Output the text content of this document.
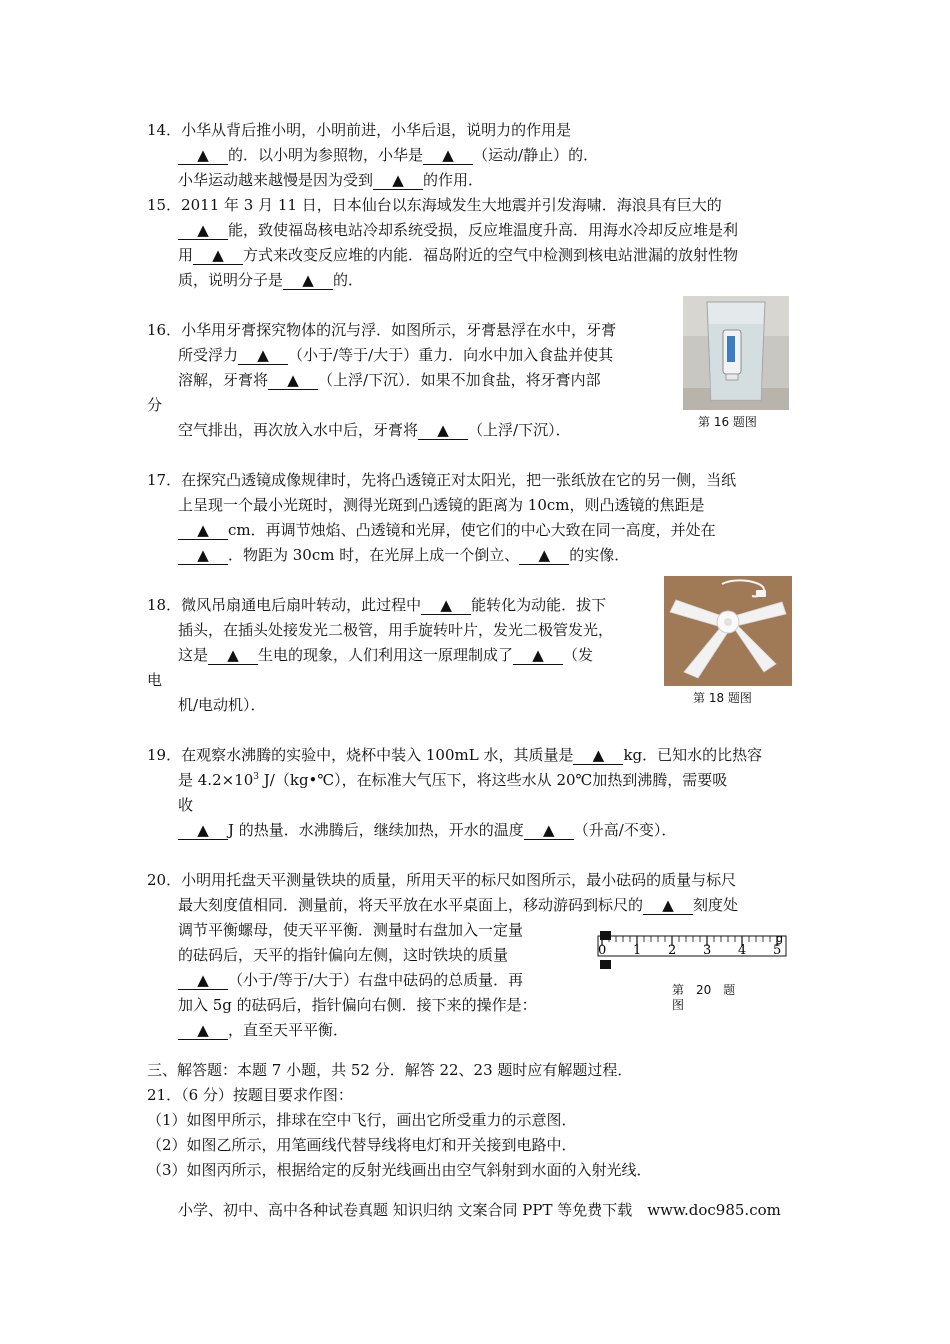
14．小华从背后推小明，小明前进，小华后退，说明力的作用是
▲ 的．以小明为参照物，小华是 ▲ （运动/静止）的．
小华运动越来越慢是因为受到 ▲ 的作用．
15．2011 年 3 月 11 日，日本仙台以东海域发生大地震并引发海啸．海浪具有巨大的
▲ 能，致使福岛核电站冷却系统受损，反应堆温度升高．用海水冷却反应堆是利
用 ▲ 方式来改变反应堆的内能．福岛附近的空气中检测到核电站泄漏的放射性物
质，说明分子是 ▲ 的．
16．小华用牙膏探究物体的沉与浮．如图所示，牙膏悬浮在水中，牙膏
所受浮力 ▲ （小于/等于/大于）重力．向水中加入食盐并使其
溶解，牙膏将 ▲ （上浮/下沉）．如果不加食盐，将牙膏内部
分
空气排出，再次放入水中后，牙膏将 ▲ （上浮/下沉）．	第 16 题图
17．在探究凸透镜成像规律时，先将凸透镜正对太阳光，把一张纸放在它的另一侧，当纸
上呈现一个最小光斑时，测得光斑到凸透镜的距离为 10cm，则凸透镜的焦距是
▲ cm．再调节烛焰、凸透镜和光屏，使它们的中心大致在同一高度，并处在
▲ ．物距为 30cm 时，在光屏上成一个倒立、 ▲ 的实像．
18．微风吊扇通电后扇叶转动，此过程中 ▲ 能转化为动能．拔下
插头，在插头处接发光二极管，用手旋转叶片，发光二极管发光，
这是 ▲ 生电的现象，人们利用这一原理制成了 ▲ （发
电
机/电动机）．	第 18 题图
19．在观察水沸腾的实验中，烧杯中装入 100mL 水，其质量是 ▲ kg．已知水的比热容
是 $4.2\times 10^3$ J/（kg•℃），在标准大气压下，将这些水从 20℃加热到沸腾，需要吸
收
▲ J 的热量．水沸腾后，继续加热，开水的温度 ▲ （升高/不变）．
20．小明用托盘天平测量铁块的质量，所用天平的标尺如图所示，最小砝码的质量与标尺
最大刻度值相同．测量前，将天平放在水平桌面上，移动游码到标尺的 ▲ 刻度处
调节平衡螺母，使天平平衡．测量时右盘加入一定量
的砝码后，天平的指针偏向左侧，这时铁块的质量
▲ （小于/等于/大于）右盘中砝码的总质量．再
加入 5g 的砝码后，指针偏向右侧．接下来的操作是：
▲ ，直至天平平衡．
g
0 1 2 3 4 5
第　20　题
图
三、解答题：本题 7 小题，共 52 分．解答 22、23 题时应有解题过程．
21．（6 分）按题目要求作图：
（1）如图甲所示，排球在空中飞行，画出它所受重力的示意图．
（2）如图乙所示，用笔画线代替导线将电灯和开关接到电路中．
（3）如图丙所示，根据给定的反射光线画出由空气斜射到水面的入射光线．
小学、初中、高中各种试卷真题 知识归纳 文案合同 PPT 等免费下载　www.doc985.com
